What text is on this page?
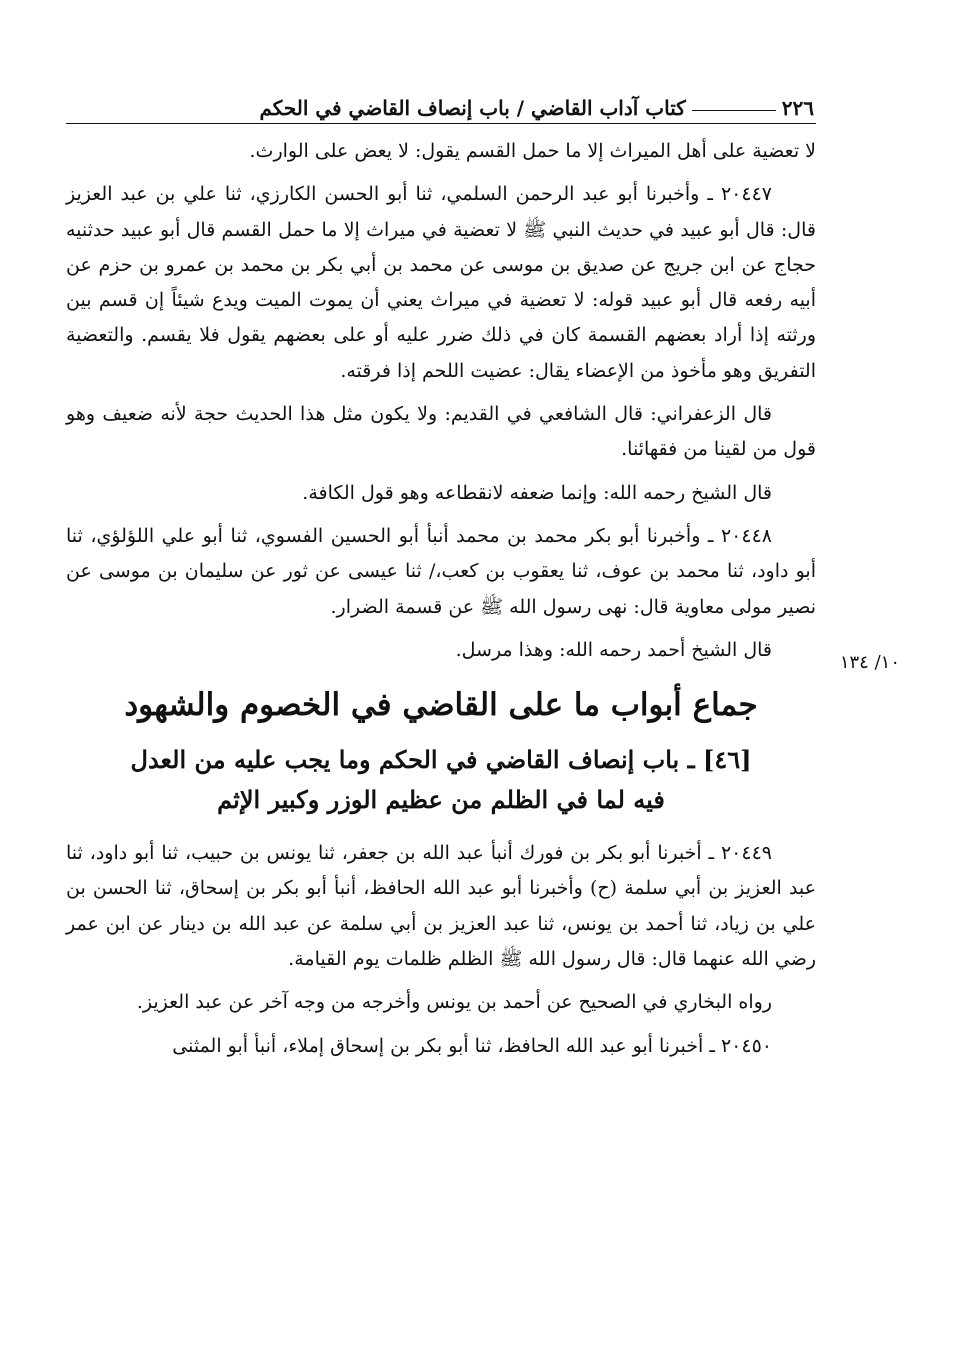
٢٢٦
كتاب آداب القاضي / باب إنصاف القاضي في الحكم
١٠/ ١٣٤

لا تعضية على أهل الميراث إلا ما حمل القسم يقول: لا يعض على الوارث.

٢٠٤٤٧ ـ وأخبرنا أبو عبد الرحمن السلمي، ثنا أبو الحسن الكارزي، ثنا علي بن عبد العزيز قال: قال أبو عبيد في حديث النبي ﷺ لا تعضية في ميراث إلا ما حمل القسم قال أبو عبيد حدثنيه حجاج عن ابن جريج عن صديق بن موسى عن محمد بن أبي بكر بن محمد بن عمرو بن حزم عن أبيه رفعه قال أبو عبيد قوله: لا تعضية في ميراث يعني أن يموت الميت ويدع شيئاً إن قسم بين ورثته إذا أراد بعضهم القسمة كان في ذلك ضرر عليه أو على بعضهم يقول فلا يقسم. والتعضية التفريق وهو مأخوذ من الإعضاء يقال: عضيت اللحم إذا فرقته.

قال الزعفراني: قال الشافعي في القديم: ولا يكون مثل هذا الحديث حجة لأنه ضعيف وهو قول من لقينا من فقهائنا.

قال الشيخ رحمه الله: وإنما ضعفه لانقطاعه وهو قول الكافة.

٢٠٤٤٨ ـ وأخبرنا أبو بكر محمد بن محمد أنبأ أبو الحسين الفسوي، ثنا أبو علي اللؤلؤي، ثنا أبو داود، ثنا محمد بن عوف، ثنا يعقوب بن كعب،/ ثنا عيسى عن ثور عن سليمان بن موسى عن نصير مولى معاوية قال: نهى رسول الله ﷺ عن قسمة الضرار.

قال الشيخ أحمد رحمه الله: وهذا مرسل.

جماع أبواب ما على القاضي في الخصوم والشهود
[٤٦] ـ باب إنصاف القاضي في الحكم وما يجب عليه من العدل
فيه لما في الظلم من عظيم الوزر وكبير الإثم

٢٠٤٤٩ ـ أخبرنا أبو بكر بن فورك أنبأ عبد الله بن جعفر، ثنا يونس بن حبيب، ثنا أبو داود، ثنا عبد العزيز بن أبي سلمة (ح) وأخبرنا أبو عبد الله الحافظ، أنبأ أبو بكر بن إسحاق، ثنا الحسن بن علي بن زياد، ثنا أحمد بن يونس، ثنا عبد العزيز بن أبي سلمة عن عبد الله بن دينار عن ابن عمر رضي الله عنهما قال: قال رسول الله ﷺ الظلم ظلمات يوم القيامة.

رواه البخاري في الصحيح عن أحمد بن يونس وأخرجه من وجه آخر عن عبد العزيز.

٢٠٤٥٠ ـ أخبرنا أبو عبد الله الحافظ، ثنا أبو بكر بن إسحاق إملاء، أنبأ أبو المثنى
